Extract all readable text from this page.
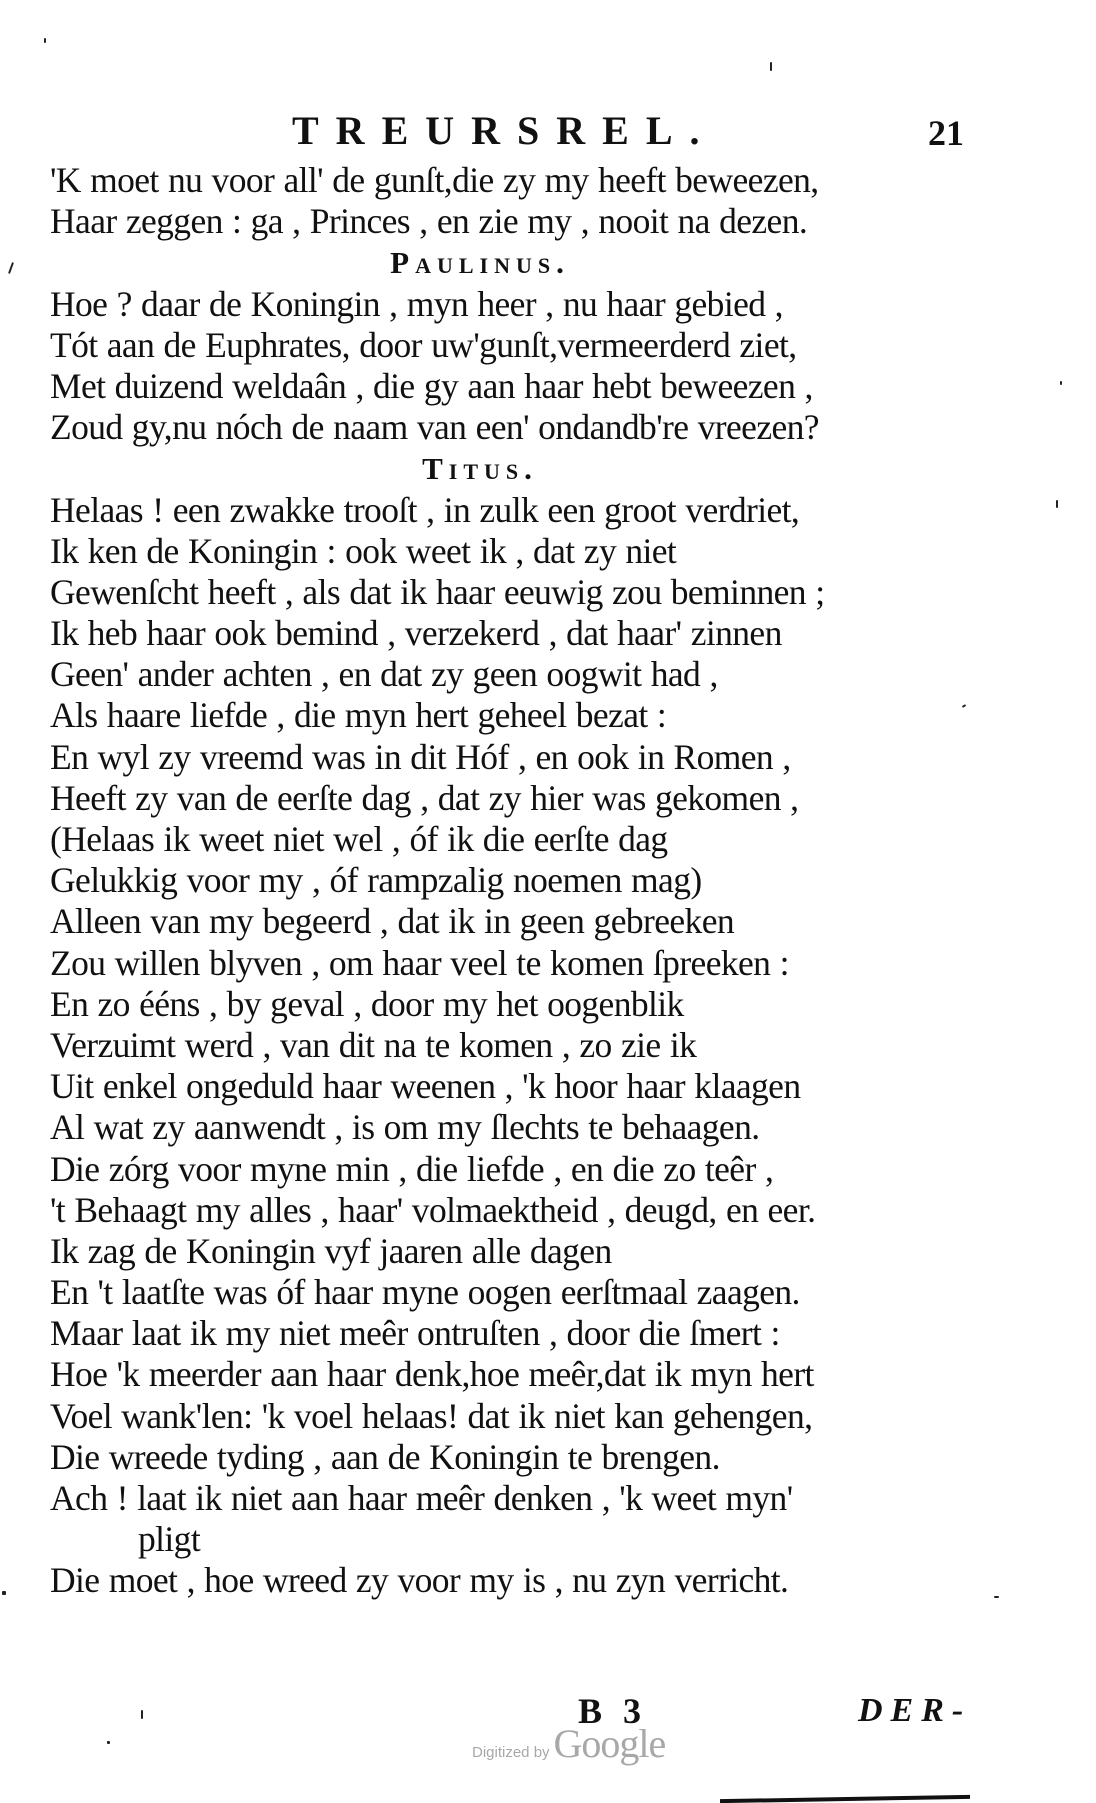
TREURSREL.	21
'K moet nu voor all' de gunſt,die zy my heeft beweezen,
Haar zeggen : ga , Princes , en zie my , nooit na dezen.
Paulinus.
Hoe ? daar de Koningin , myn heer , nu haar gebied ,
Tót aan de Euphrates, door uw'gunſt,vermeerderd ziet,
Met duizend weldaân , die gy aan haar hebt beweezen ,
Zoud gy,nu nóch de naam van een' ondandb're vreezen?
Titus.
Helaas ! een zwakke trooſt , in zulk een groot verdriet,
Ik ken de Koningin : ook weet ik , dat zy niet
Gewenſcht heeft , als dat ik haar eeuwig zou beminnen ;
Ik heb haar ook bemind , verzekerd , dat haar' zinnen
Geen' ander achten , en dat zy geen oogwit had ,
Als haare liefde , die myn hert geheel bezat :
En wyl zy vreemd was in dit Hóf , en ook in Romen ,
Heeft zy van de eerſte dag , dat zy hier was gekomen ,
(Helaas ik weet niet wel , óf ik die eerſte dag
Gelukkig voor my , óf rampzalig noemen mag)
Alleen van my begeerd , dat ik in geen gebreeken
Zou willen blyven , om haar veel te komen ſpreeken :
En zo ééns , by geval , door my het oogenblik
Verzuimt werd , van dit na te komen , zo zie ik
Uit enkel ongeduld haar weenen , 'k hoor haar klaagen
Al wat zy aanwendt , is om my ſlechts te behaagen.
Die zórg voor myne min , die liefde , en die zo teêr ,
't Behaagt my alles , haar' volmaektheid , deugd, en eer.
Ik zag de Koningin vyf jaaren alle dagen
En 't laatſte was óf haar myne oogen eerſtmaal zaagen.
Maar laat ik my niet meêr ontruſten , door die ſmert :
Hoe 'k meerder aan haar denk,hoe meêr,dat ik myn hert
Voel wank'len: 'k voel helaas! dat ik niet kan gehengen,
Die wreede tyding , aan de Koningin te brengen.
Ach ! laat ik niet aan haar meêr denken , 'k weet myn'
pligt
Die moet , hoe wreed zy voor my is , nu zyn verricht.
B 3	DER-
Digitized by Google
